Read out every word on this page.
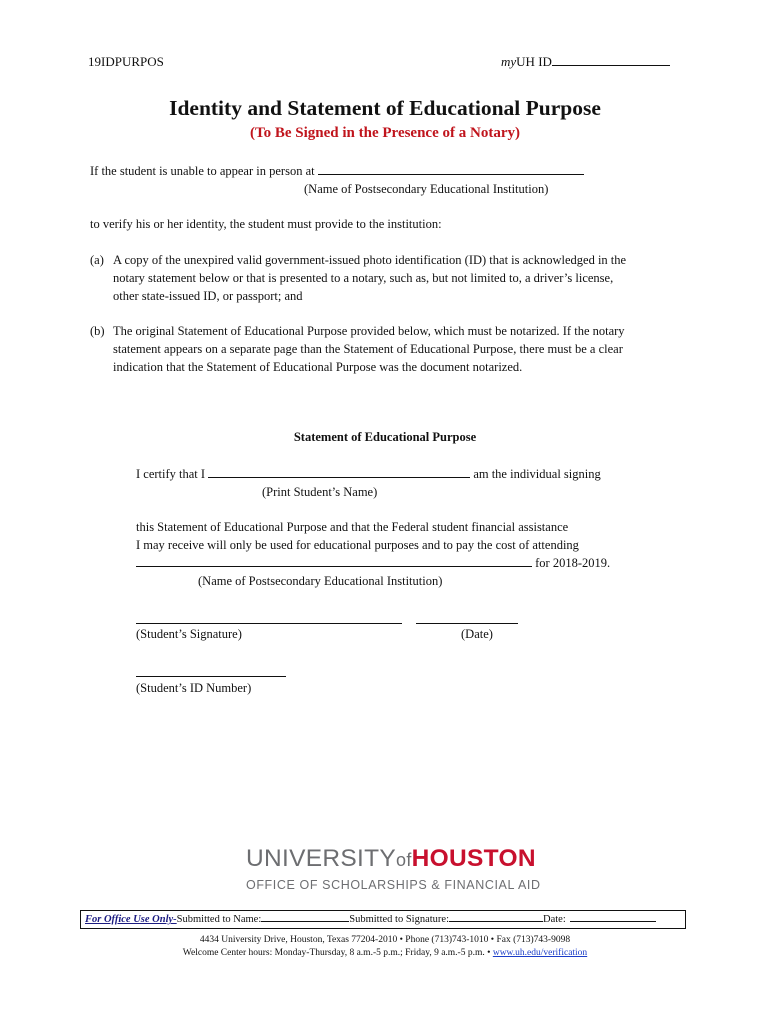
19IDPURPOS	myUH ID
Identity and Statement of Educational Purpose
(To Be Signed in the Presence of a Notary)
If the student is unable to appear in person at
(Name of Postsecondary Educational Institution)
to verify his or her identity, the student must provide to the institution:
(a) A copy of the unexpired valid government-issued photo identification (ID) that is acknowledged in the
notary statement below or that is presented to a notary, such as, but not limited to, a driver’s license,
other state-issued ID, or passport; and
(b) The original Statement of Educational Purpose provided below, which must be notarized. If the notary
statement appears on a separate page than the Statement of Educational Purpose, there must be a clear
indication that the Statement of Educational Purpose was the document notarized.
Statement of Educational Purpose
I certify that I	am the individual signing
(Print Student’s Name)
this Statement of Educational Purpose and that the Federal student financial assistance
I may receive will only be used for educational purposes and to pay the cost of attending
for 2018-2019.
(Name of Postsecondary Educational Institution)

(Student’s Signature)	(Date)
(Student’s ID Number)
UNIVERSITYofHOUSTON
OFFICE OF SCHOLARSHIPS & FINANCIAL AID
For Office Use Only-Submitted to Name:	Submitted to Signature:	Date:
4434 University Drive, Houston, Texas 77204-2010 • Phone (713)743-1010 • Fax (713)743-9098
Welcome Center hours: Monday-Thursday, 8 a.m.-5 p.m.; Friday, 9 a.m.-5 p.m. • www.uh.edu/verification
